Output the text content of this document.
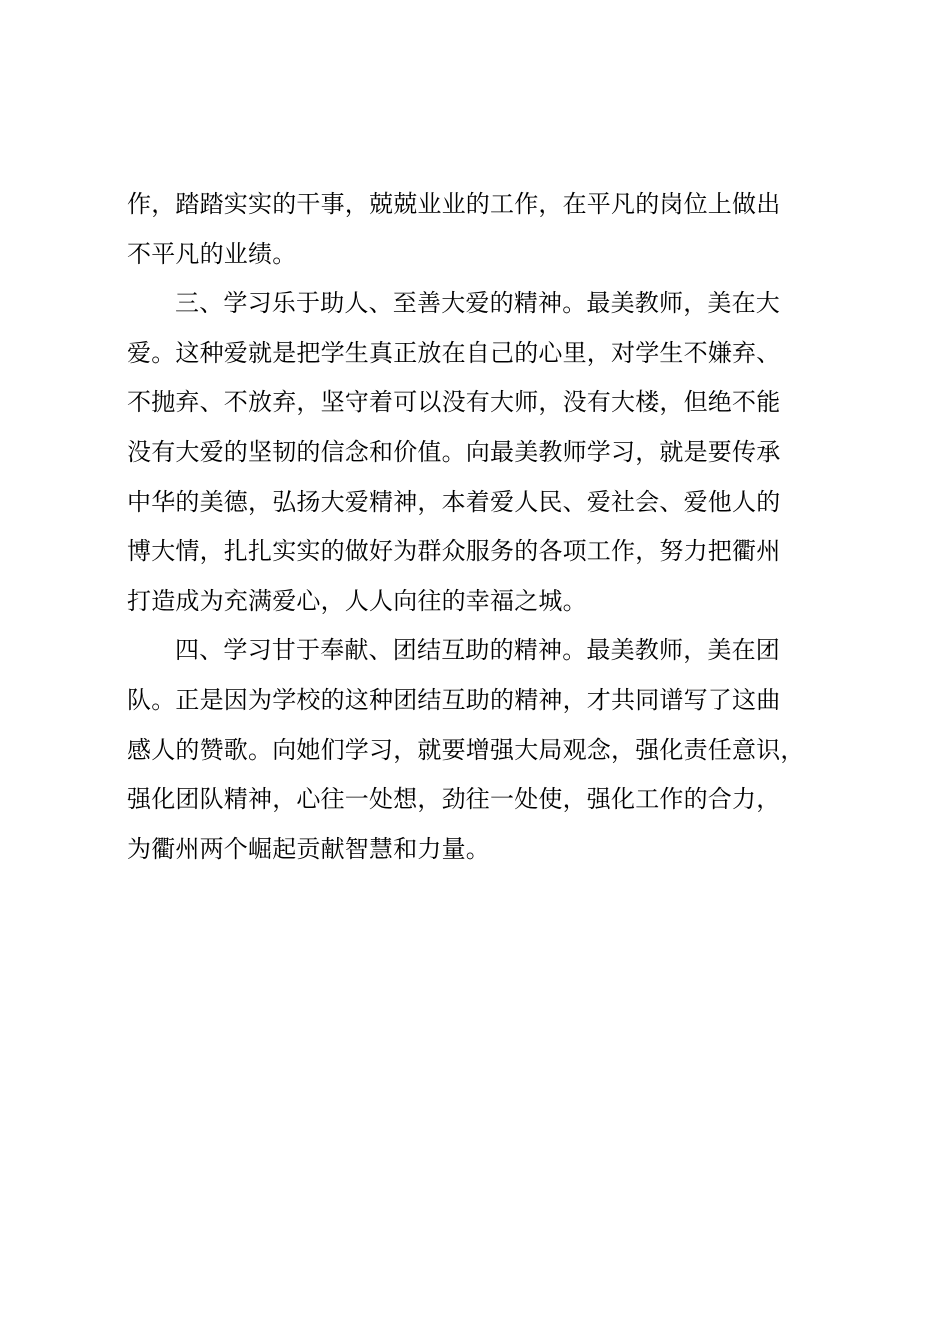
作，踏踏实实的干事，兢兢业业的工作，在平凡的岗位上做出
不平凡的业绩。
三、学习乐于助人、至善大爱的精神。最美教师，美在大
爱。这种爱就是把学生真正放在自己的心里，对学生不嫌弃、
不抛弃、不放弃，坚守着可以没有大师，没有大楼，但绝不能
没有大爱的坚韧的信念和价值。向最美教师学习，就是要传承
中华的美德，弘扬大爱精神，本着爱人民、爱社会、爱他人的
博大情，扎扎实实的做好为群众服务的各项工作，努力把衢州
打造成为充满爱心，人人向往的幸福之城。
四、学习甘于奉献、团结互助的精神。最美教师，美在团
队。正是因为学校的这种团结互助的精神，才共同谱写了这曲
感人的赞歌。向她们学习，就要增强大局观念，强化责任意识，
强化团队精神，心往一处想，劲往一处使，强化工作的合力，
为衢州两个崛起贡献智慧和力量。
